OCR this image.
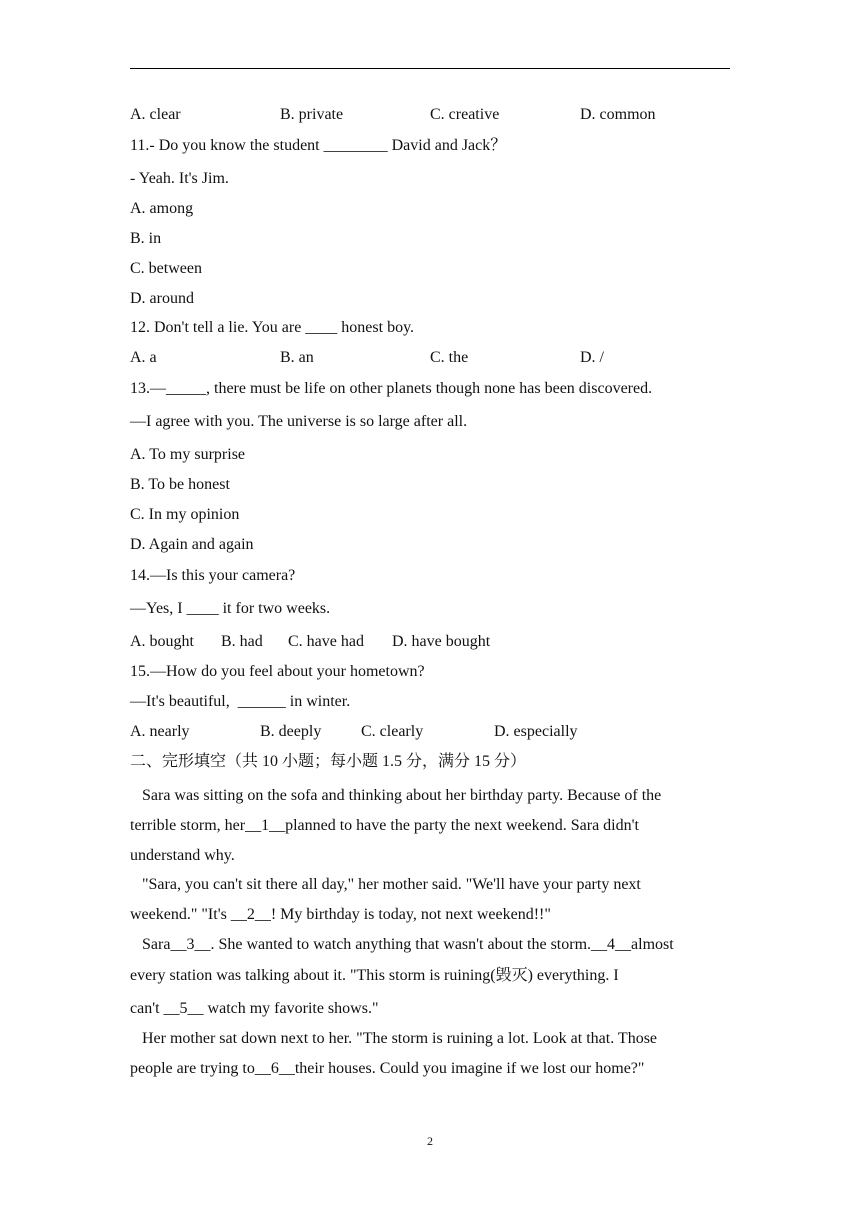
A. clear	B. private	C. creative	D. common
11.- Do you know the student ________ David and Jack？
- Yeah. It's Jim.
A. among
B. in
C. between
D. around
12. Don't tell a lie. You are ____ honest boy.
A. a	B. an	C. the	D. /
13.—_____, there must be life on other planets though none has been discovered.
—I agree with you. The universe is so large after all.
A. To my surprise
B. To be honest
C. In my opinion
D. Again and again
14.—Is this your camera?
—Yes, I ____ it for two weeks.
A. bought B. had C. have had D. have bought
15.—How do you feel about your hometown?
—It's beautiful,  ______ in winter.
A. nearly	B. deeply C. clearly	D. especially
二、完形填空（共 10 小题；每小题 1.5 分，满分 15 分）
Sara was sitting on the sofa and thinking about her birthday party. Because of the
terrible storm, her__1__planned to have the party the next weekend. Sara didn't
understand why.
"Sara, you can't sit there all day," her mother said. "We'll have your party next
weekend." "It's __2__! My birthday is today, not next weekend!!"
Sara__3__. She wanted to watch anything that wasn't about the storm.__4__almost
every station was talking about it. "This storm is ruining(毁灭) everything. I
can't __5__ watch my favorite shows."
Her mother sat down next to her. "The storm is ruining a lot. Look at that. Those
people are trying to__6__their houses. Could you imagine if we lost our home?"
2
